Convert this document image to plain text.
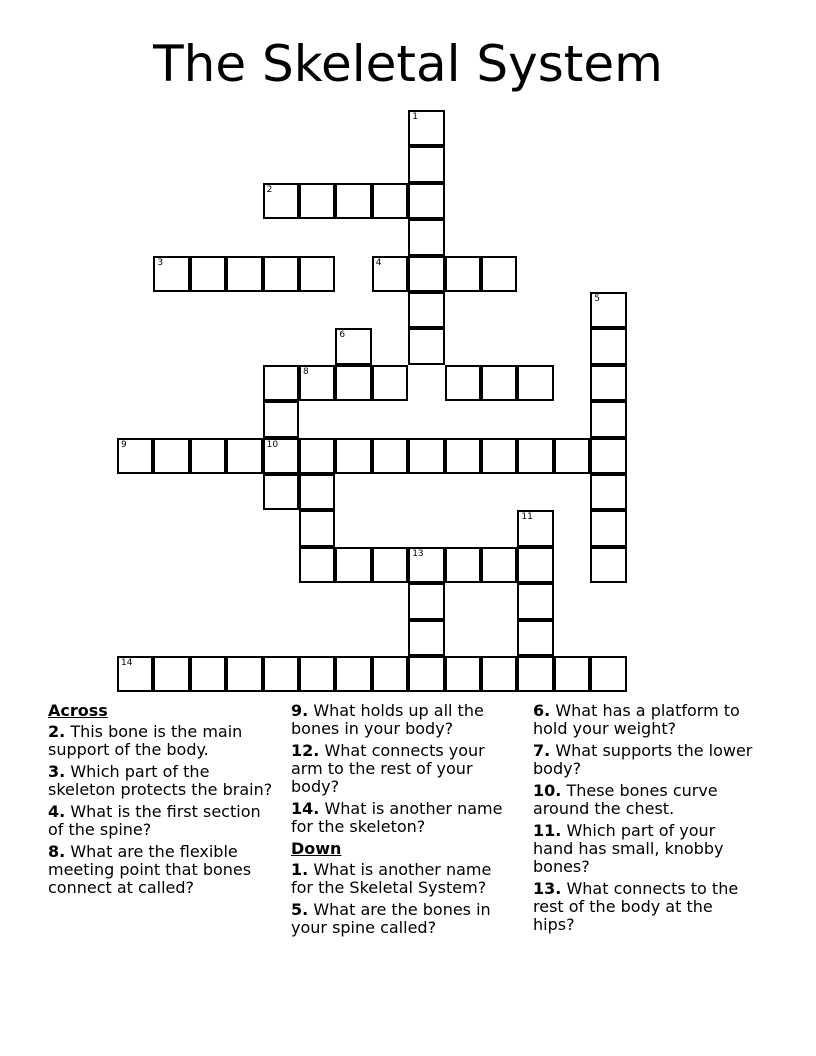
The Skeletal System
1
2
3	4
5
6
10
8
9
11
13
14
Across
2. This bone is the main support of the body.
3. Which part of the skeleton protects the brain?
4. What is the first section of the spine?
8. What are the flexible meeting point that bones connect at called?
9. What holds up all the bones in your body?
12. What connects your arm to the rest of your body?
14. What is another name for the skeleton?
Down
1. What is another name for the Skeletal System?
5. What are the bones in your spine called?
6. What has a platform to hold your weight?
7. What supports the lower body?
10. These bones curve around the chest.
11. Which part of your hand has small, knobby bones?
13. What connects to the rest of the body at the hips?
